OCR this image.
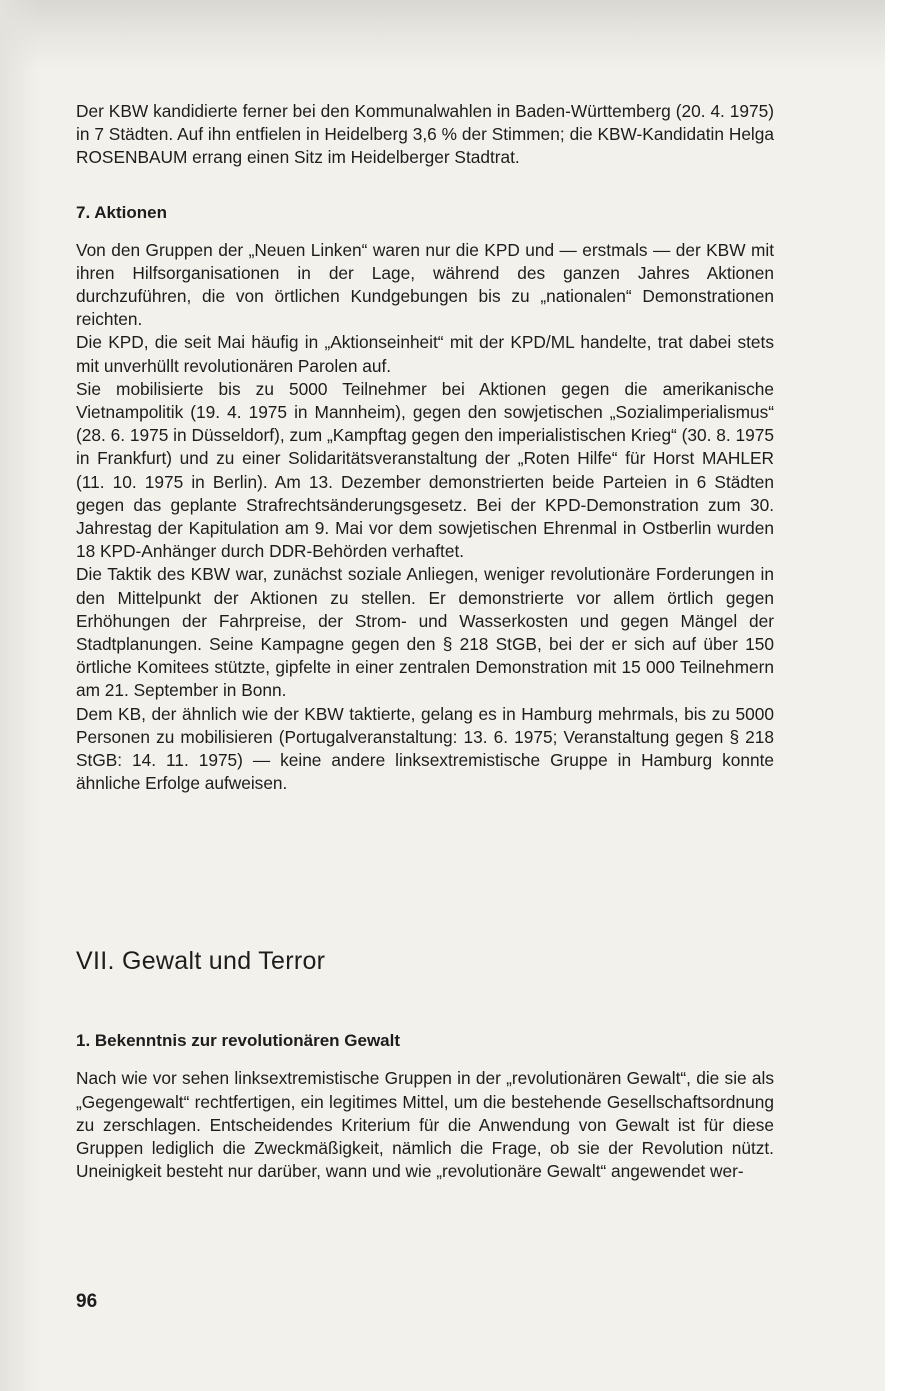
Der KBW kandidierte ferner bei den Kommunalwahlen in Baden-Württemberg (20. 4. 1975) in 7 Städten. Auf ihn entfielen in Heidelberg 3,6 % der Stimmen; die KBW-Kandidatin Helga ROSENBAUM errang einen Sitz im Heidelberger Stadtrat.

7. Aktionen

Von den Gruppen der „Neuen Linken“ waren nur die KPD und — erstmals — der KBW mit ihren Hilfsorganisationen in der Lage, während des ganzen Jahres Aktionen durchzuführen, die von örtlichen Kundgebungen bis zu „nationalen“ Demonstrationen reichten.

Die KPD, die seit Mai häufig in „Aktionseinheit“ mit der KPD/ML handelte, trat dabei stets mit unverhüllt revolutionären Parolen auf.

Sie mobilisierte bis zu 5000 Teilnehmer bei Aktionen gegen die amerikanische Vietnampolitik (19. 4. 1975 in Mannheim), gegen den sowjetischen „Sozialimperialismus“ (28. 6. 1975 in Düsseldorf), zum „Kampftag gegen den imperialistischen Krieg“ (30. 8. 1975 in Frankfurt) und zu einer Solidaritätsveranstaltung der „Roten Hilfe“ für Horst MAHLER (11. 10. 1975 in Berlin). Am 13. Dezember demonstrierten beide Parteien in 6 Städten gegen das geplante Strafrechtsänderungsgesetz. Bei der KPD-Demonstration zum 30. Jahrestag der Kapitulation am 9. Mai vor dem sowjetischen Ehrenmal in Ostberlin wurden 18 KPD-Anhänger durch DDR-Behörden verhaftet.

Die Taktik des KBW war, zunächst soziale Anliegen, weniger revolutionäre Forderungen in den Mittelpunkt der Aktionen zu stellen. Er demonstrierte vor allem örtlich gegen Erhöhungen der Fahrpreise, der Strom- und Wasserkosten und gegen Mängel der Stadtplanungen. Seine Kampagne gegen den § 218 StGB, bei der er sich auf über 150 örtliche Komitees stützte, gipfelte in einer zentralen Demonstration mit 15 000 Teilnehmern am 21. September in Bonn.

Dem KB, der ähnlich wie der KBW taktierte, gelang es in Hamburg mehrmals, bis zu 5000 Personen zu mobilisieren (Portugalveranstaltung: 13. 6. 1975; Veranstaltung gegen § 218 StGB: 14. 11. 1975) — keine andere linksextremistische Gruppe in Hamburg konnte ähnliche Erfolge aufweisen.

VII. Gewalt und Terror
1. Bekenntnis zur revolutionären Gewalt

Nach wie vor sehen linksextremistische Gruppen in der „revolutionären Gewalt“, die sie als „Gegengewalt“ rechtfertigen, ein legitimes Mittel, um die bestehende Gesellschaftsordnung zu zerschlagen. Entscheidendes Kriterium für die Anwendung von Gewalt ist für diese Gruppen lediglich die Zweckmäßigkeit, nämlich die Frage, ob sie der Revolution nützt. Uneinigkeit besteht nur darüber, wann und wie „revolutionäre Gewalt“ angewendet wer-

96
